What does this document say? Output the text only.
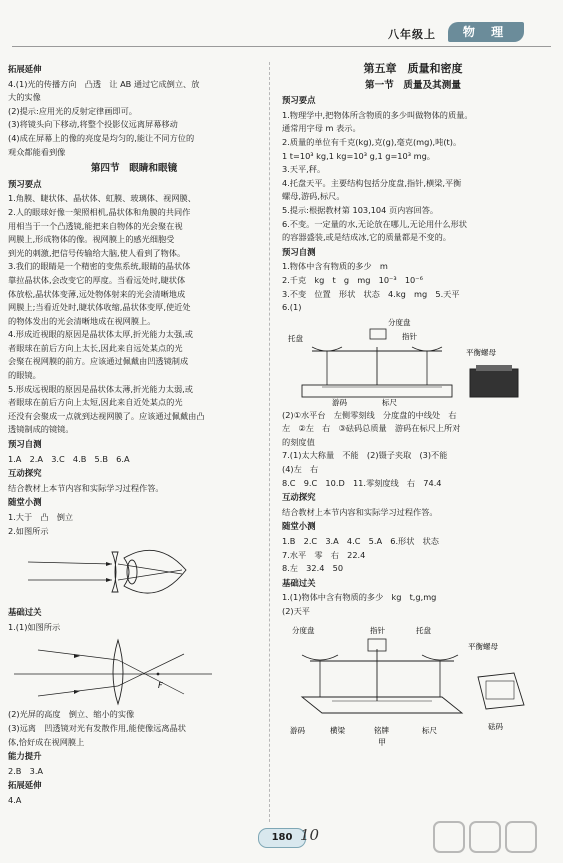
八年级上	物 理
拓展延伸
4.(1)光的传播方向　凸透　让 AB 通过它成倒立、放
大的实像
(2)提示:应用光的反射定律画即可。
(3)将镜头向下移动,将整个投影仪远离屏幕移动
(4)成在屏幕上的像的亮度是均匀的,能让不同方位的
观众都能看到像
第四节　眼睛和眼镜
预习要点
1.角膜、睫状体、晶状体、虹膜、玻璃体、视网膜、
2.人的眼球好像一架照相机,晶状体和角膜的共同作
用相当于一个凸透镜,能把来自物体的光会聚在视
网膜上,形成物体的像。视网膜上的感光细胞受
到光的刺激,把信号传输给大脑,使人看到了物体。
3.我们的眼睛是一个精密的变焦系统,眼睛的晶状体
靠拉晶状体,会改变它的厚度。当看远处时,睫状体
体放松,晶状体变薄,远处物体射来的光会清晰地成
网膜上;当看近处时,睫状体收缩,晶状体变厚,使近处
的物体发出的光会清晰地成在视网膜上。
4.形成近视眼的原因是晶状体太厚,折光能力太强,或
者眼球在前后方向上太长,因此来自远处某点的光
会聚在视网膜的前方。应该通过佩戴由凹透镜制成
的眼镜。
5.形成远视眼的原因是晶状体太薄,折光能力太弱,或
者眼球在前后方向上太短,因此来自近处某点的光
还没有会聚成一点就到达视网膜了。应该通过佩戴由凸
透镜制成的镜镜。
预习自测
1.A　2.A　3.C　4.B　5.B　6.A
互动探究
结合教材上本节内容和实际学习过程作答。
随堂小测
1.大于　凸　倒立
2.如图所示
基础过关
1.(1)如图所示
F
(2)光屏的高度　倒立、缩小的实像
(3)远离　凹透镜对光有发散作用,能使像远离晶状
体,恰好成在视网膜上
能力提升
2.B　3.A
拓展延伸
4.A
第五章　质量和密度
第一节　质量及其测量
预习要点
1.物理学中,把物体所含物质的多少叫做物体的质量。
通常用字母 m 表示。
2.质量的单位有千克(kg),克(g),毫克(mg),吨(t)。
1 t=10³ kg,1 kg=10³ g,1 g=10³ mg。
3.天平,秤。
4.托盘天平。主要结构包括分度盘,指针,横梁,平衡
螺母,游码,标尺。
5.提示:根据教材第 103,104 页内容回答。
6.不变。一定量的水,无论放在哪儿,无论用什么形状
的容器盛装,或是结成冰,它的质量都是不变的。
预习自测
1.物体中含有物质的多少　m
2.千克　kg　t　g　mg　10⁻³　10⁻⁶
3.不变　位置　形状　状态　4.kg　mg　5.天平
6.(1)
托盘
分度盘
指针
平衡螺母
游码	标尺
(2)①水平台　左侧零刻线　分度盘的中线处　右
左　②左　右　③砝码总质量　游码在标尺上所对
的刻度值
7.(1)太大称量　不能　(2)镊子夹取　(3)不能
(4)左　右
8.C　9.C　10.D　11.零刻度线　右　74.4
互动探究
结合教材上本节内容和实际学习过程作答。
随堂小测
1.B　2.C　3.A　4.C　5.A　6.形状　状态
7.水平　零　右　22.4
8.左　32.4　50
基础过关
1.(1)物体中含有物质的多少　kg　t,g,mg
(2)天平
分度盘	指针	托盘
平衡螺母
游码	横梁	铭牌	标尺	砝码
甲
180 10
